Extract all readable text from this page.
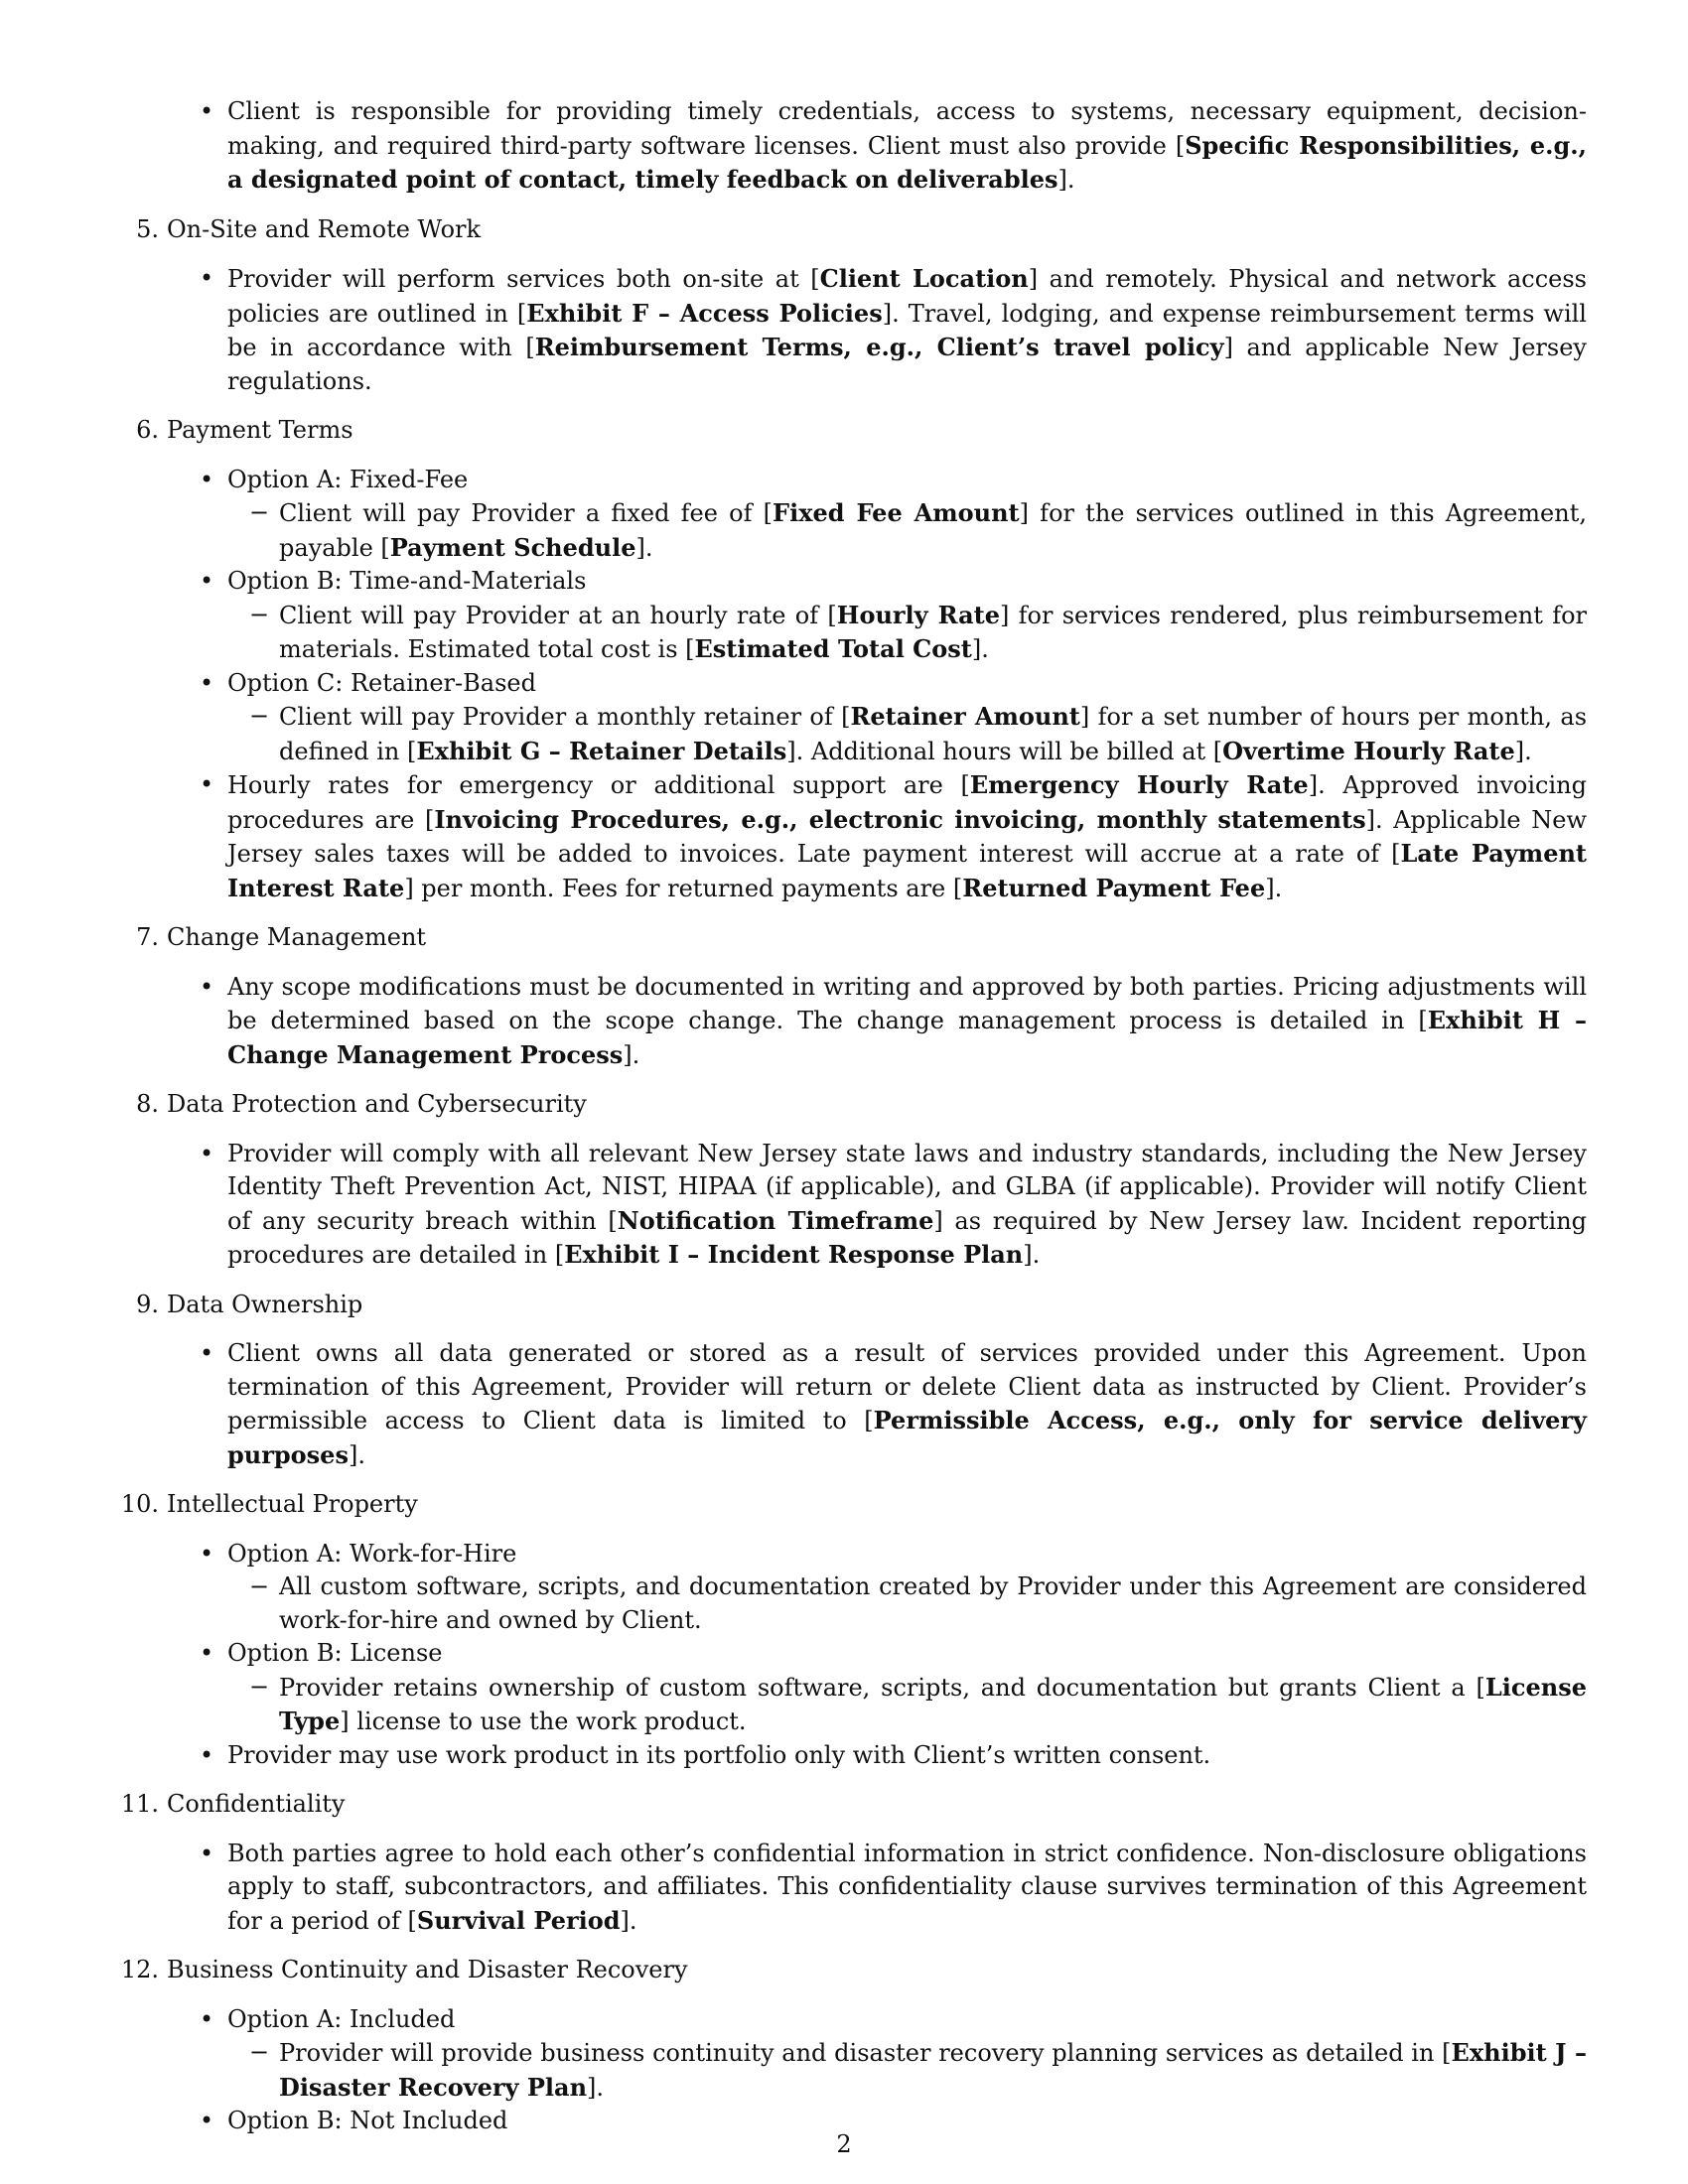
• Client is responsible for providing timely credentials, access to systems, necessary equipment, decision-making, and required third-party software licenses. Client must also provide [Specific Responsibilities, e.g., a designated point of contact, timely feedback on deliverables].
5. On-Site and Remote Work
• Provider will perform services both on-site at [Client Location] and remotely. Physical and network access policies are outlined in [Exhibit F – Access Policies]. Travel, lodging, and expense reimbursement terms will be in accordance with [Reimbursement Terms, e.g., Client’s travel policy] and applicable New Jersey regulations.
6. Payment Terms
• Option A: Fixed-Fee
− Client will pay Provider a fixed fee of [Fixed Fee Amount] for the services outlined in this Agreement, payable [Payment Schedule].
• Option B: Time-and-Materials
− Client will pay Provider at an hourly rate of [Hourly Rate] for services rendered, plus reimbursement for materials. Estimated total cost is [Estimated Total Cost].
• Option C: Retainer-Based
− Client will pay Provider a monthly retainer of [Retainer Amount] for a set number of hours per month, as defined in [Exhibit G – Retainer Details]. Additional hours will be billed at [Overtime Hourly Rate].
• Hourly rates for emergency or additional support are [Emergency Hourly Rate]. Approved invoicing procedures are [Invoicing Procedures, e.g., electronic invoicing, monthly statements]. Applicable New Jersey sales taxes will be added to invoices. Late payment interest will accrue at a rate of [Late Payment Interest Rate] per month. Fees for returned payments are [Returned Payment Fee].
7. Change Management
• Any scope modifications must be documented in writing and approved by both parties. Pricing adjustments will be determined based on the scope change. The change management process is detailed in [Exhibit H – Change Management Process].
8. Data Protection and Cybersecurity
• Provider will comply with all relevant New Jersey state laws and industry standards, including the New Jersey Identity Theft Prevention Act, NIST, HIPAA (if applicable), and GLBA (if applicable). Provider will notify Client of any security breach within [Notification Timeframe] as required by New Jersey law. Incident reporting procedures are detailed in [Exhibit I – Incident Response Plan].
9. Data Ownership
• Client owns all data generated or stored as a result of services provided under this Agreement. Upon termination of this Agreement, Provider will return or delete Client data as instructed by Client. Provider’s permissible access to Client data is limited to [Permissible Access, e.g., only for service delivery purposes].
10. Intellectual Property
• Option A: Work-for-Hire
− All custom software, scripts, and documentation created by Provider under this Agreement are considered work-for-hire and owned by Client.
• Option B: License
− Provider retains ownership of custom software, scripts, and documentation but grants Client a [License Type] license to use the work product.
• Provider may use work product in its portfolio only with Client’s written consent.
11. Confidentiality
• Both parties agree to hold each other’s confidential information in strict confidence. Non-disclosure obligations apply to staff, subcontractors, and affiliates. This confidentiality clause survives termination of this Agreement for a period of [Survival Period].
12. Business Continuity and Disaster Recovery
• Option A: Included
− Provider will provide business continuity and disaster recovery planning services as detailed in [Exhibit J – Disaster Recovery Plan].
• Option B: Not Included
2
